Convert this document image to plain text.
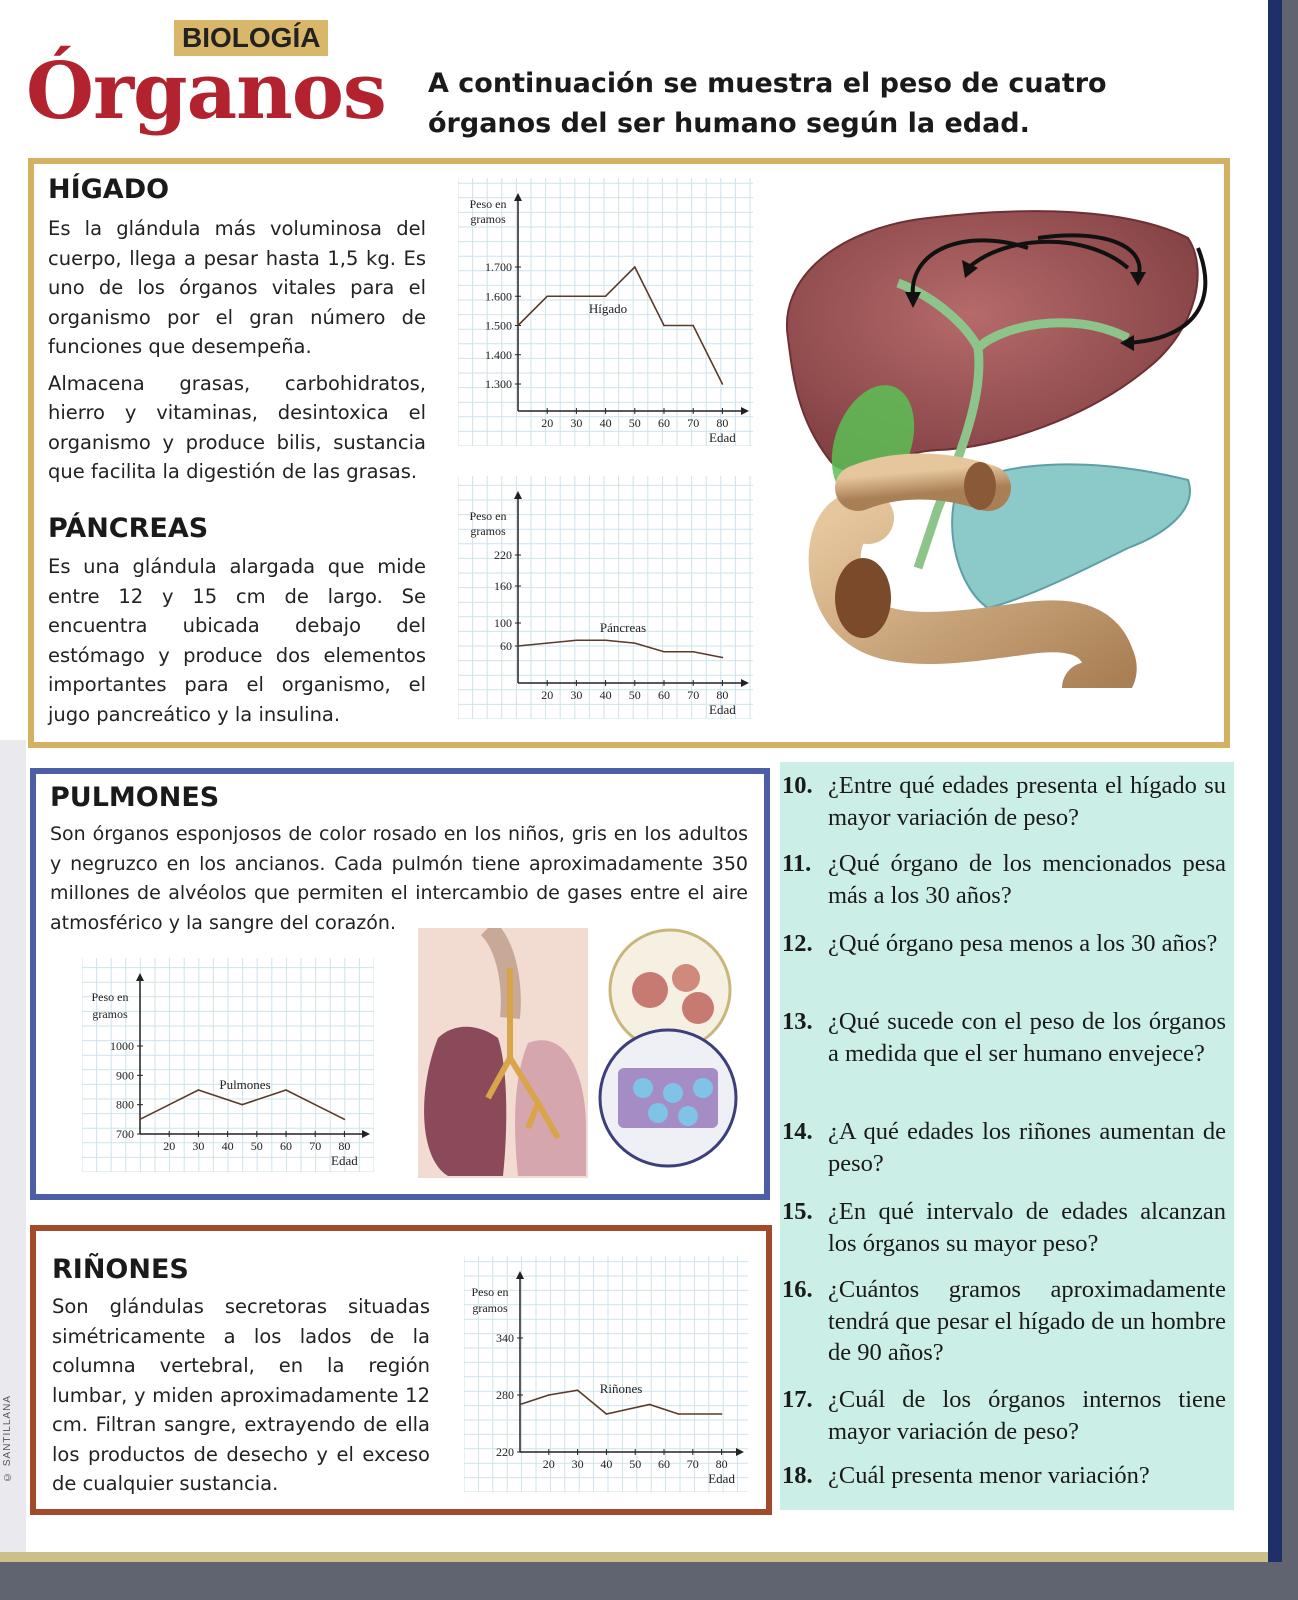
© SANTILLANA
BIOLOGÍA
Órganos A continuación se muestra el peso de cuatro órganos del ser humano según la edad.
HÍGADO

Es la glándula más voluminosa del cuerpo, llega a pesar hasta 1,5 kg. Es uno de los órganos vitales para el organismo por el gran número de funciones que desempeña.

Almacena grasas, carbohidratos, hierro y vitaminas, desintoxica el organismo y produce bilis, sustancia que facilita la digestión de las grasas.

PÁNCREAS

Es una glándula alargada que mide entre 12 y 15 cm de largo. Se encuentra ubicada debajo del estómago y produce dos elementos importantes para el organismo, el jugo pancreático y la insulina.

Peso en
gramos
20 30 40 50 60 70 80
Edad
1.300
1.400
1.500
1.600
1.700
Hígado
Peso en
gramos
20 30 40 50 60 70 80
Edad
60
100
160
220
Páncreas
PULMONES

Son órganos esponjosos de color rosado en los niños, gris en los adultos y negruzco en los ancianos. Cada pulmón tiene aproximadamente 350 millones de alvéolos que permiten el intercambio de gases entre el aire atmosférico y la sangre del corazón.

Peso en
gramos
20 30 40 50 60 70 80
Edad
700
800
900
1000
Pulmones
RIÑONES

Son glándulas secretoras situadas simétricamente a los lados de la columna vertebral, en la región lumbar, y miden aproximadamente 12 cm. Filtran sangre, extrayendo de ella los productos de desecho y el exceso de cualquier sustancia.

Peso en
gramos
20 30 40 50 60 70 80
Edad
220
280
340
Riñones
10. ¿Entre qué edades presenta el hígado su mayor variación de peso?
11. ¿Qué órgano de los mencionados pesa más a los 30 años?
12. ¿Qué órgano pesa menos a los 30 años?
13. ¿Qué sucede con el peso de los órganos a medida que el ser humano envejece?
14. ¿A qué edades los riñones aumentan de peso?
15. ¿En qué intervalo de edades alcanzan los órganos su mayor peso?
16. ¿Cuántos gramos aproximadamente tendrá que pesar el hígado de un hombre de 90 años?
17. ¿Cuál de los órganos internos tiene mayor variación de peso?
18. ¿Cuál presenta menor variación?
